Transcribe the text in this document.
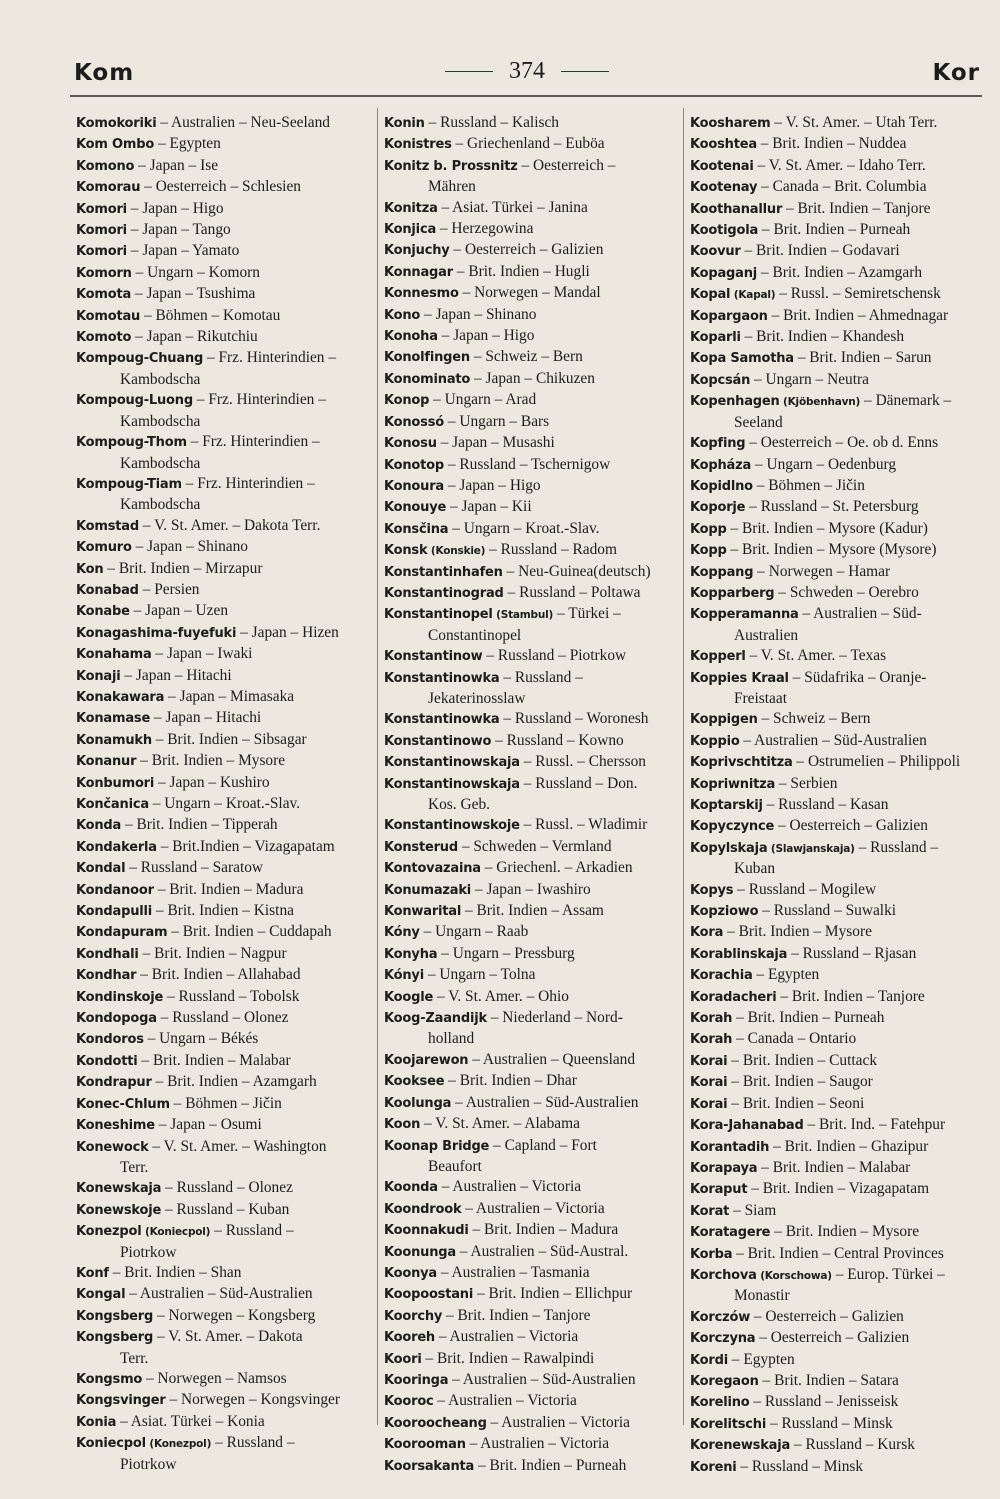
Kom	374	Kor
Komokoriki – Australien – Neu-Seeland
Kom Ombo – Egypten
Komono – Japan – Ise
Komorau – Oesterreich – Schlesien
Komori – Japan – Higo
Komori – Japan – Tango
Komori – Japan – Yamato
Komorn – Ungarn – Komorn
Komota – Japan – Tsushima
Komotau – Böhmen – Komotau
Komoto – Japan – Rikutchiu
Kompoug-Chuang – Frz. Hinterindien –
Kambodscha
Kompoug-Luong – Frz. Hinterindien –
Kambodscha
Kompoug-Thom – Frz. Hinterindien –
Kambodscha
Kompoug-Tiam – Frz. Hinterindien –
Kambodscha
Komstad – V. St. Amer. – Dakota Terr.
Komuro – Japan – Shinano
Kon – Brit. Indien – Mirzapur
Konabad – Persien
Konabe – Japan – Uzen
Konagashima-fuyefuki – Japan – Hizen
Konahama – Japan – Iwaki
Konaji – Japan – Hitachi
Konakawara – Japan – Mimasaka
Konamase – Japan – Hitachi
Konamukh – Brit. Indien – Sibsagar
Konanur – Brit. Indien – Mysore
Konbumori – Japan – Kushiro
Končanica – Ungarn – Kroat.-Slav.
Konda – Brit. Indien – Tipperah
Kondakerla – Brit.Indien – Vizagapatam
Kondal – Russland – Saratow
Kondanoor – Brit. Indien – Madura
Kondapulli – Brit. Indien – Kistna
Kondapuram – Brit. Indien – Cuddapah
Kondhali – Brit. Indien – Nagpur
Kondhar – Brit. Indien – Allahabad
Kondinskoje – Russland – Tobolsk
Kondopoga – Russland – Olonez
Kondoros – Ungarn – Békés
Kondotti – Brit. Indien – Malabar
Kondrapur – Brit. Indien – Azamgarh
Konec-Chlum – Böhmen – Jičin
Koneshime – Japan – Osumi
Konewock – V. St. Amer. – Washington
Terr.
Konewskaja – Russland – Olonez
Konewskoje – Russland – Kuban
Konezpol (Koniecpol) – Russland –
Piotrkow
Konf – Brit. Indien – Shan
Kongal – Australien – Süd-Australien
Kongsberg – Norwegen – Kongsberg
Kongsberg – V. St. Amer. – Dakota
Terr.
Kongsmo – Norwegen – Namsos
Kongsvinger – Norwegen – Kongsvinger
Konia – Asiat. Türkei – Konia
Koniecpol (Konezpol) – Russland –
Piotrkow
Konin – Russland – Kalisch
Konistres – Griechenland – Euböa
Konitz b. Prossnitz – Oesterreich –
Mähren
Konitza – Asiat. Türkei – Janina
Konjica – Herzegowina
Konjuchy – Oesterreich – Galizien
Konnagar – Brit. Indien – Hugli
Konnesmo – Norwegen – Mandal
Kono – Japan – Shinano
Konoha – Japan – Higo
Konolfingen – Schweiz – Bern
Konominato – Japan – Chikuzen
Konop – Ungarn – Arad
Konossó – Ungarn – Bars
Konosu – Japan – Musashi
Konotop – Russland – Tschernigow
Konoura – Japan – Higo
Konouye – Japan – Kii
Konsčina – Ungarn – Kroat.-Slav.
Konsk (Konskie) – Russland – Radom
Konstantinhafen – Neu-Guinea(deutsch)
Konstantinograd – Russland – Poltawa
Konstantinopel (Stambul) – Türkei –
Constantinopel
Konstantinow – Russland – Piotrkow
Konstantinowka – Russland –
Jekaterinosslaw
Konstantinowka – Russland – Woronesh
Konstantinowo – Russland – Kowno
Konstantinowskaja – Russl. – Chersson
Konstantinowskaja – Russland – Don.
Kos. Geb.
Konstantinowskoje – Russl. – Wladimir
Konsterud – Schweden – Vermland
Kontovazaina – Griechenl. – Arkadien
Konumazaki – Japan – Iwashiro
Konwarital – Brit. Indien – Assam
Kóny – Ungarn – Raab
Konyha – Ungarn – Pressburg
Kónyi – Ungarn – Tolna
Koogle – V. St. Amer. – Ohio
Koog-Zaandijk – Niederland – Nord-
holland
Koojarewon – Australien – Queensland
Kooksee – Brit. Indien – Dhar
Koolunga – Australien – Süd-Australien
Koon – V. St. Amer. – Alabama
Koonap Bridge – Capland – Fort
Beaufort
Koonda – Australien – Victoria
Koondrook – Australien – Victoria
Koonnakudi – Brit. Indien – Madura
Koonunga – Australien – Süd-Austral.
Koonya – Australien – Tasmania
Koopoostani – Brit. Indien – Ellichpur
Koorchy – Brit. Indien – Tanjore
Kooreh – Australien – Victoria
Koori – Brit. Indien – Rawalpindi
Kooringa – Australien – Süd-Australien
Kooroc – Australien – Victoria
Kooroocheang – Australien – Victoria
Koorooman – Australien – Victoria
Koorsakanta – Brit. Indien – Purneah
Koosharem – V. St. Amer. – Utah Terr.
Kooshtea – Brit. Indien – Nuddea
Kootenai – V. St. Amer. – Idaho Terr.
Kootenay – Canada – Brit. Columbia
Koothanallur – Brit. Indien – Tanjore
Kootigola – Brit. Indien – Purneah
Koovur – Brit. Indien – Godavari
Kopaganj – Brit. Indien – Azamgarh
Kopal (Kapal) – Russl. – Semiretschensk
Kopargaon – Brit. Indien – Ahmednagar
Koparli – Brit. Indien – Khandesh
Kopa Samotha – Brit. Indien – Sarun
Kopcsán – Ungarn – Neutra
Kopenhagen (Kjöbenhavn) – Dänemark –
Seeland
Kopfing – Oesterreich – Oe. ob d. Enns
Kopháza – Ungarn – Oedenburg
Kopidlno – Böhmen – Jičin
Koporje – Russland – St. Petersburg
Kopp – Brit. Indien – Mysore (Kadur)
Kopp – Brit. Indien – Mysore (Mysore)
Koppang – Norwegen – Hamar
Kopparberg – Schweden – Oerebro
Kopperamanna – Australien – Süd-
Australien
Kopperl – V. St. Amer. – Texas
Koppies Kraal – Südafrika – Oranje-
Freistaat
Koppigen – Schweiz – Bern
Koppio – Australien – Süd-Australien
Koprivschtitza – Ostrumelien – Philippoli
Kopriwnitza – Serbien
Koptarskij – Russland – Kasan
Kopyczynce – Oesterreich – Galizien
Kopylskaja (Slawjanskaja) – Russland –
Kuban
Kopys – Russland – Mogilew
Kopziowo – Russland – Suwalki
Kora – Brit. Indien – Mysore
Korablinskaja – Russland – Rjasan
Korachia – Egypten
Koradacheri – Brit. Indien – Tanjore
Korah – Brit. Indien – Purneah
Korah – Canada – Ontario
Korai – Brit. Indien – Cuttack
Korai – Brit. Indien – Saugor
Korai – Brit. Indien – Seoni
Kora-Jahanabad – Brit. Ind. – Fatehpur
Korantadih – Brit. Indien – Ghazipur
Korapaya – Brit. Indien – Malabar
Koraput – Brit. Indien – Vizagapatam
Korat – Siam
Koratagere – Brit. Indien – Mysore
Korba – Brit. Indien – Central Provinces
Korchova (Korschowa) – Europ. Türkei –
Monastir
Korczów – Oesterreich – Galizien
Korczyna – Oesterreich – Galizien
Kordi – Egypten
Koregaon – Brit. Indien – Satara
Korelino – Russland – Jenisseisk
Korelitschi – Russland – Minsk
Korenewskaja – Russland – Kursk
Koreni – Russland – Minsk
